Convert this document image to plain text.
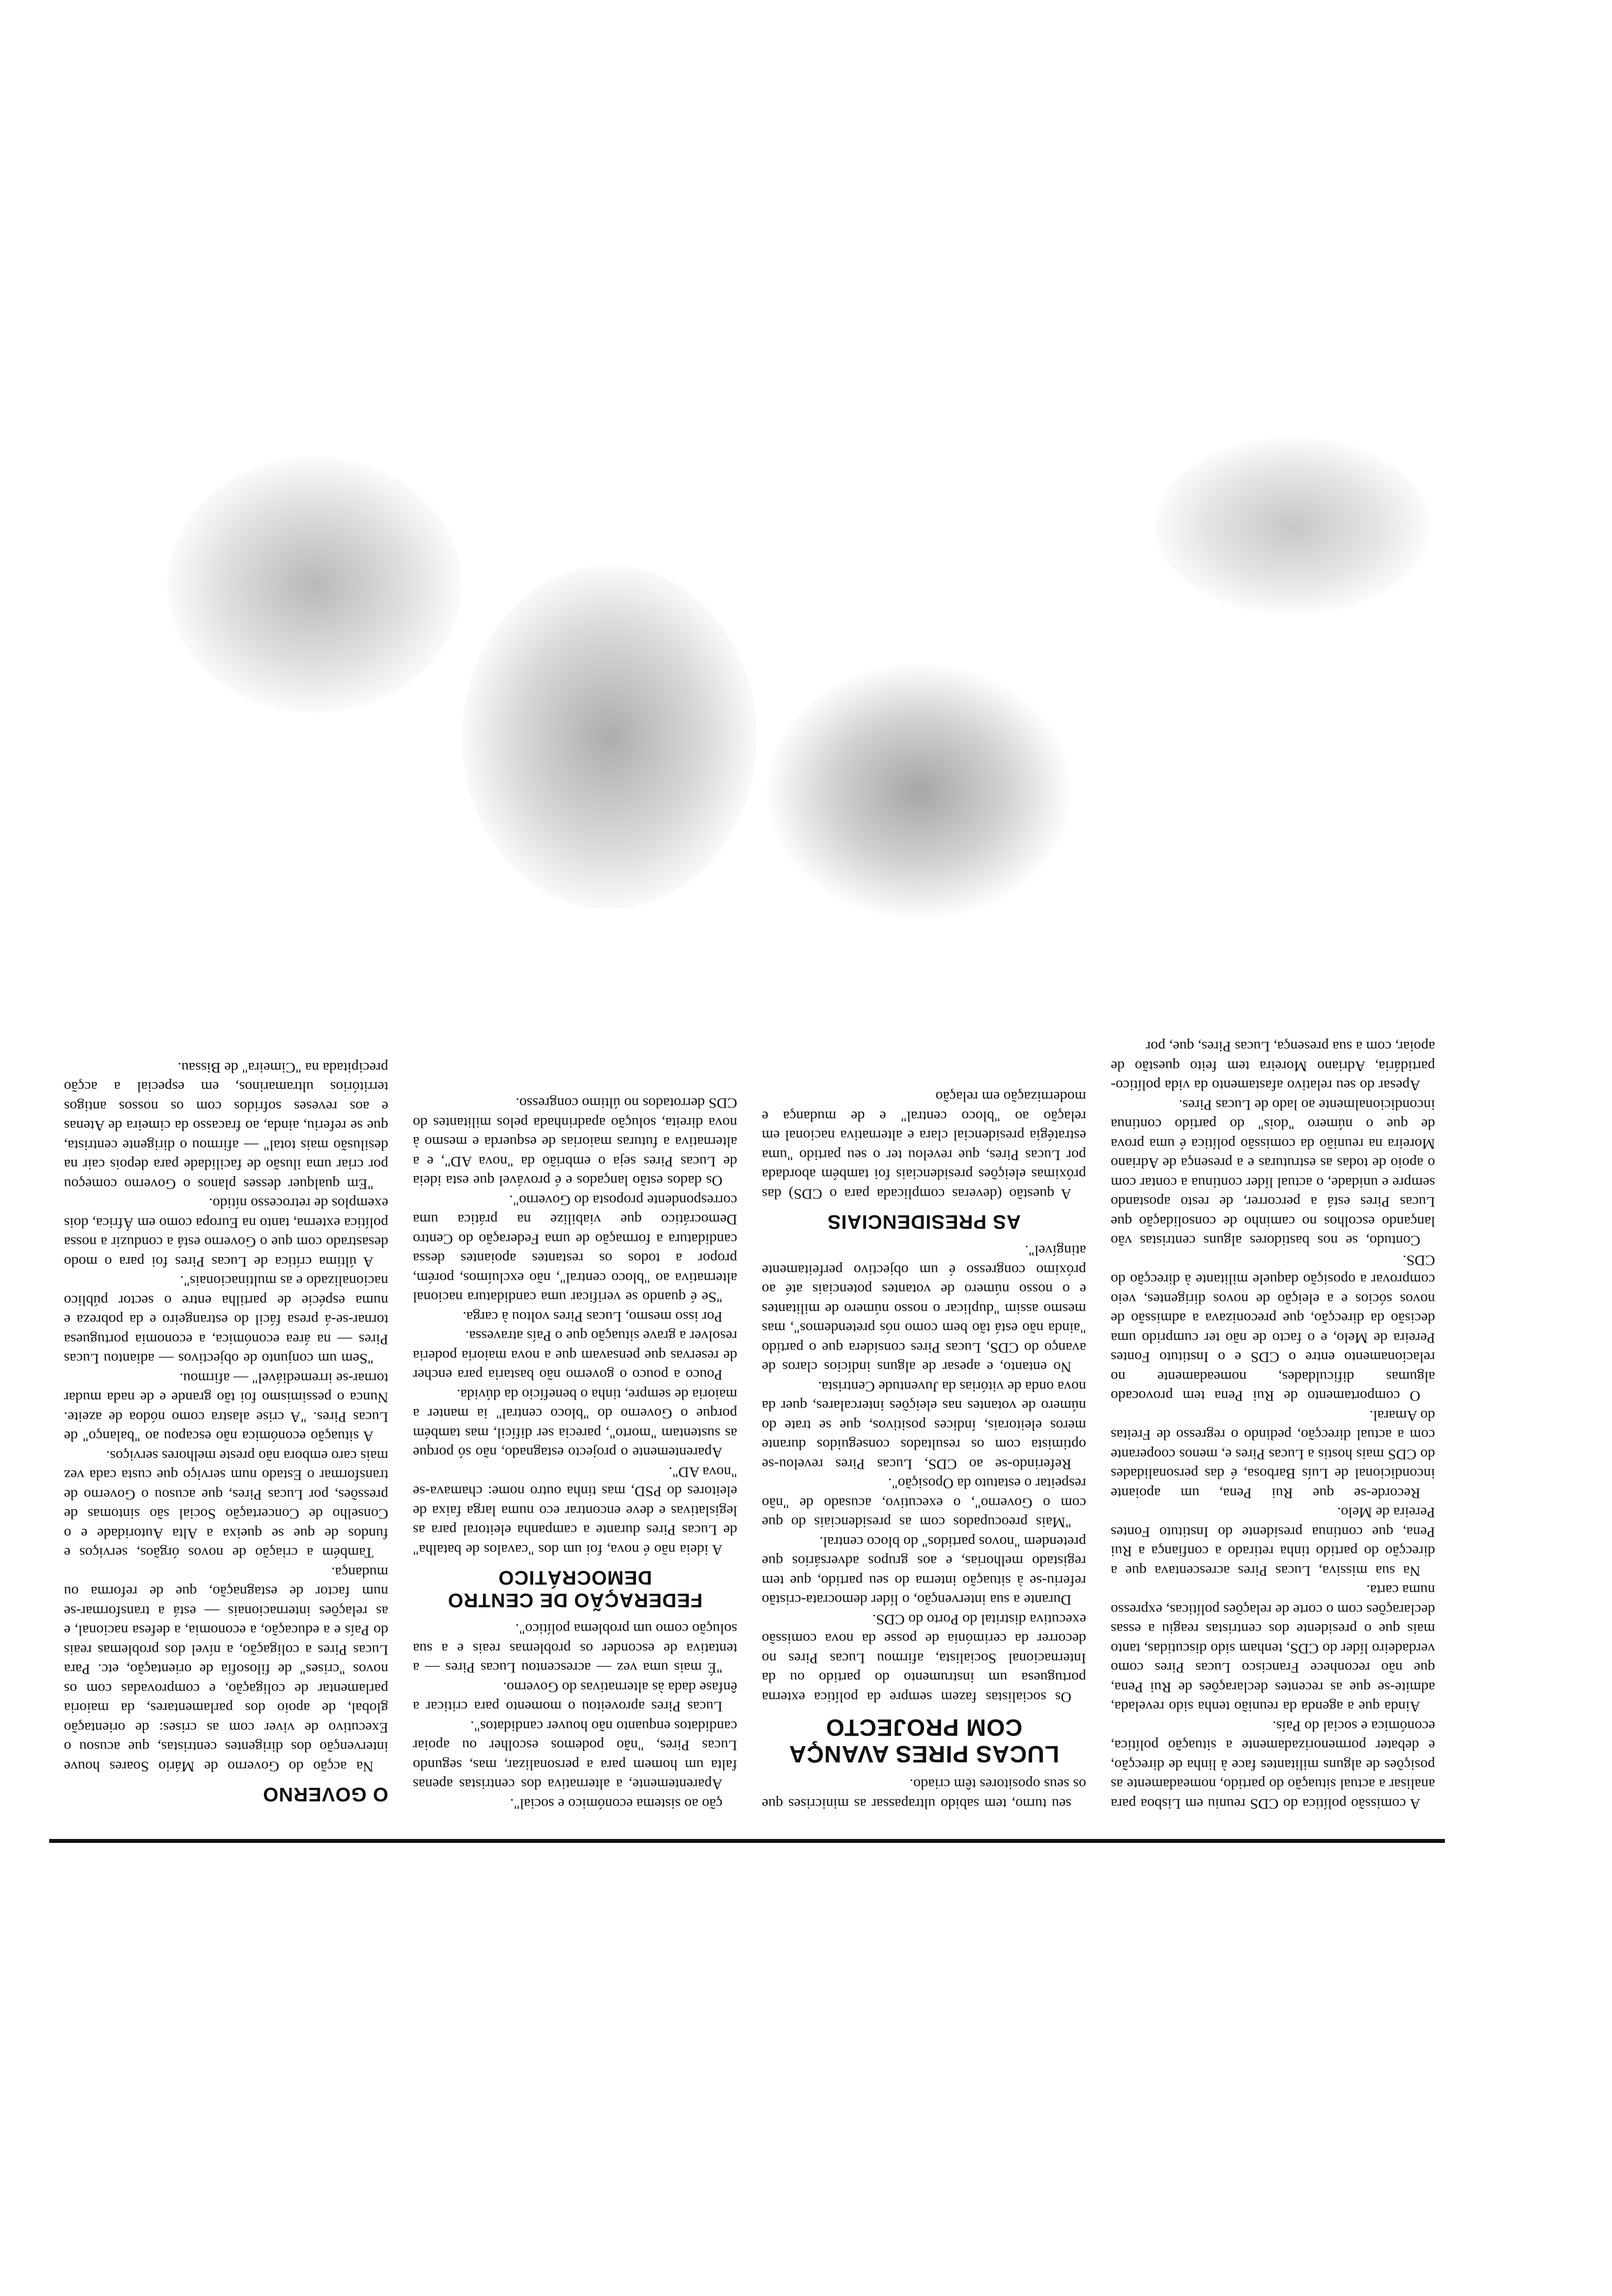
A comissão política do CDS reuniu em Lisboa para analisar a actual situação do partido, nomeadamente as posições de alguns militantes face à linha de direcção, e debater pormenorizadamente a situação política, económica e social do País.

Ainda que a agenda da reunião tenha sido revelada, admite-se que as recentes declarações de Rui Pena, que não reconhece Francisco Lucas Pires como verdadeiro líder do CDS, tenham sido discutidas, tanto mais que o presidente dos centristas reagiu a essas declarações com o corte de relações políticas, expresso numa carta.

Na sua missiva, Lucas Pires acrescentava que a direcção do partido tinha retirado a confiança a Rui Pena, que continua presidente do Instituto Fontes Pereira de Melo.

Recorde-se que Rui Pena, um apoiante incondicional de Luís Barbosa, é das personalidades do CDS mais hostis a Lucas Pires e, menos cooperante com a actual direcção, pedindo o regresso de Freitas do Amaral.

O comportamento de Rui Pena tem provocado algumas dificuldades, nomeadamente no relacionamento entre o CDS e o Instituto Fontes Pereira de Melo, e o facto de não ter cumprido uma decisão da direcção, que preconizava a admissão de novos sócios e a eleição de novos dirigentes, veio comprovar a oposição daquele militante à direcção do CDS.

Contudo, se nos bastidores alguns centristas vão lançando escolhos no caminho de consolidação que Lucas Pires está a percorrer, de resto apostando sempre e unidade, o actual líder continua a contar com o apoio de todas as estruturas e a presença de Adriano Moreira na reunião da comissão política é uma prova de que o número "dois" do partido continua incondicionalmente ao lado de Lucas Pires.

Apesar do seu relativo afastamento da vida político-partidária, Adriano Moreira tem feito questão de apoiar, com a sua presença, Lucas Pires, que, por

seu turno, tem sabido ultrapassar as minicrises que os seus opositores têm criado.

LUCAS PIRES AVANÇA COM PROJECTO

Os socialistas fazem sempre da política externa portuguesa um instrumento do partido ou da Internacional Socialista, afirmou Lucas Pires no decorrer da cerimónia de posse da nova comissão executiva distrital do Porto do CDS.

Durante a sua intervenção, o líder democrata-cristão referiu-se à situação interna do seu partido, que tem registado melhorias, e aos grupos adversários que pretendem "novos partidos" do bloco central.

"Mais preocupados com as presidenciais do que com o Governo", o executivo, acusado de "não respeitar o estatuto da Oposição".

Referindo-se ao CDS, Lucas Pires revelou-se optimista com os resultados conseguidos durante meros eleitorais, índices positivos, que se trate do número de votantes nas eleições intercalares, quer da nova onda de vitórias da Juventude Centrista.

No entanto, e apesar de alguns indícios claros de avanço do CDS, Lucas Pires considera que o partido "ainda não está tão bem como nós pretendemos", mas mesmo assim "duplicar o nosso número de militantes e o nosso número de votantes potenciais até ao próximo congresso é um objectivo perfeitamente atingível".

AS PRESIDENCIAIS

A questão (deveras complicada para o CDS) das próximas eleições presidenciais foi também abordada por Lucas Pires, que revelou ter o seu partido "uma estratégia presidencial clara e alternativa nacional em relação ao "bloco central" e de mudança e modernização em relação

ção ao sistema económico e social".

Aparentemente, a alternativa dos centristas apenas falta um homem para a personalizar, mas, segundo Lucas Pires, "não podemos escolher ou apoiar candidatos enquanto não houver candidatos".

Lucas Pires aproveitou o momento para criticar a ênfase dada às alternativas do Governo.

"É mais uma vez — acrescentou Lucas Pires — a tentativa de esconder os problemas reais e a sua solução como um problema político".

FEDERAÇÃO DE CENTRO DEMOCRÁTICO

A ideia não é nova, foi um dos "cavalos de batalha" de Lucas Pires durante a campanha eleitoral para as legislativas e deve encontrar eco numa larga faixa de eleitores do PSD, mas tinha outro nome: chamava-se "nova AD".

Aparentemente o projecto estagnado, não só porque as sustentam "morto", parecia ser difícil, mas também porque o Governo do "bloco central" ia manter a maioria de sempre, tinha o benefício da dúvida.

Pouco a pouco o governo não bastaria para encher de reservas que pensavam que a nova maioria poderia resolver a grave situação que o País atravessa.

Por isso mesmo, Lucas Pires voltou à carga.

"Se é quando se verificar uma candidatura nacional alternativa ao "bloco central", não excluímos, porém, propor a todos os restantes apoiantes dessa candidatura a formação de uma Federação do Centro Democrático que viabilize na prática uma correspondente proposta do Governo".

Os dados estão lançados e é provável que esta ideia de Lucas Pires seja o embrião da "nova AD", e a alternativa a futuras maiorias de esquerda e mesmo à nova direita, solução apadrinhada pelos militantes do CDS derrotados no último congresso.

O GOVERNO

Na acção do Governo de Mário Soares houve intervenção dos dirigentes centristas, que acusou o Executivo de viver com as crises: de orientação global, de apoio dos parlamentares, da maioria parlamentar de coligação, e comprovadas com os novos "crises" de filosofia de orientação, etc. Para Lucas Pires a coligação, a nível dos problemas reais do País e a educação, a economia, a defesa nacional, e as relações internacionais — está a transformar-se num factor de estagnação, que de reforma ou mudança.

Também a criação de novos órgãos, serviços e fundos de que se queixa a Alta Autoridade e o Conselho de Concertação Social são sintomas de pressões, por Lucas Pires, que acusou o Governo de transformar o Estado num serviço que custa cada vez mais caro embora não preste melhores serviços.

A situação económica não escapou ao "balanço" de Lucas Pires. "A crise alastra como nódoa de azeite. Nunca o pessimismo foi tão grande e de nada mudar tornar-se irremediável" — afirmou.

"Sem um conjunto de objectivos — adiantou Lucas Pires — na área económica, a economia portuguesa tornar-se-á presa fácil do estrangeiro e da pobreza e numa espécie de partilha entre o sector público nacionalizado e as multinacionais".

A última crítica de Lucas Pires foi para o modo desastrado com que o Governo está a conduzir a nossa política externa, tanto na Europa como em África, dois exemplos de retrocesso nítido.

"Em qualquer desses planos o Governo começou por criar uma ilusão de facilidade para depois cair na desilusão mais total" — afirmou o dirigente centrista, que se referiu, ainda, ao fracasso da cimeira de Atenas e aos reveses sofridos com os nossos antigos territórios ultramarinos, em especial a acção precipitada na "Cimeira" de Bissau.
